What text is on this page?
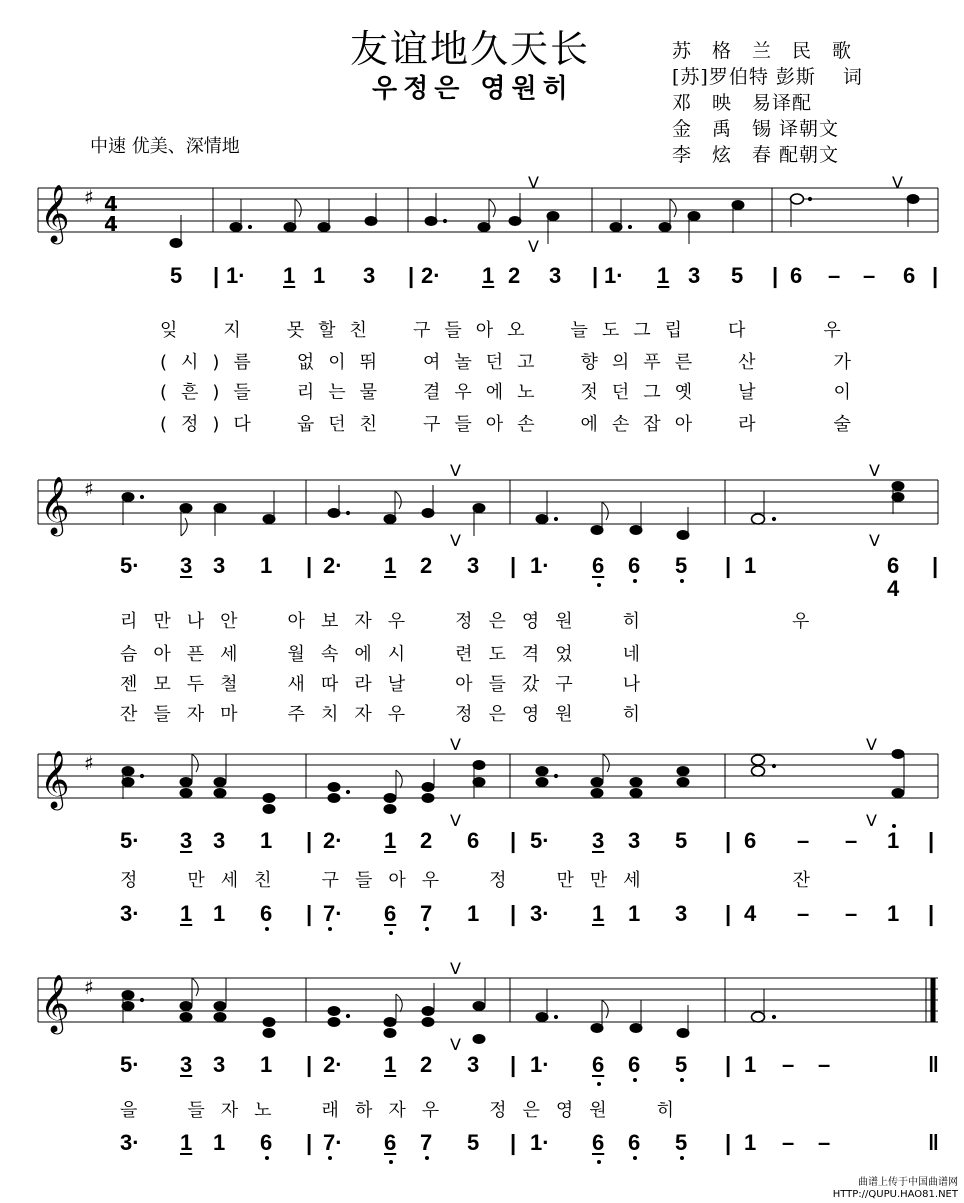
友谊地久天长
우정은 영원히
苏　格　兰　民　歌
[苏]罗伯特 彭斯　 词
邓　映　易译配
金　禹　锡 译朝文
李　炫　春 配朝文
中速 优美、深情地
𝄞 ♯ 4
4
V
V
V
𝄞 ♯
V
V
V
V
𝄞 ♯
V
V
V
V
𝄞 ♯
V
V
5 | 1· 1 1 3 | 2· 1 2 3 | 1· 1 3 5 | 6 – – 6 |
잊　지　못할친　구들아오　늘도그립　다　　우
(시)름　없이뛰　여놀던고　향의푸른　산　　가
(흔)들　리는물　결우에노　젓던그옛　날　　이
(정)다　웁던친　구들아손　에손잡아　라　　술
5· 3 3 1 | 2· 1 2 3 | 1· 6 6 5 | 1	6 |
4
리만나안　아보자우　정은영원　히　　　　우
슴아픈세　월속에시　련도격었　네
젠모두철　새따라날　아들갔구　나
잔들자마　주치자우　정은영원　히
5· 3 3 1 | 2· 1 2 6 | 5· 3 3 5 | 6 – – 1 |
3· 1 1 6 | 7· 6 7 1 | 3· 1 1 3 | 4 – – 1 |
정　만세친　구들아우　정　만만세　　　　잔
5· 3 3 1 | 2· 1 2 3 | 1· 6 6 5 | 1 – –	‖
3· 1 1 6 | 7· 6 7 5 | 1· 6 6 5 | 1 – –	‖
을　들자노　래하자우　정은영원　히
曲谱上传于中国曲谱网
HTTP://QUPU.HAO81.NET
